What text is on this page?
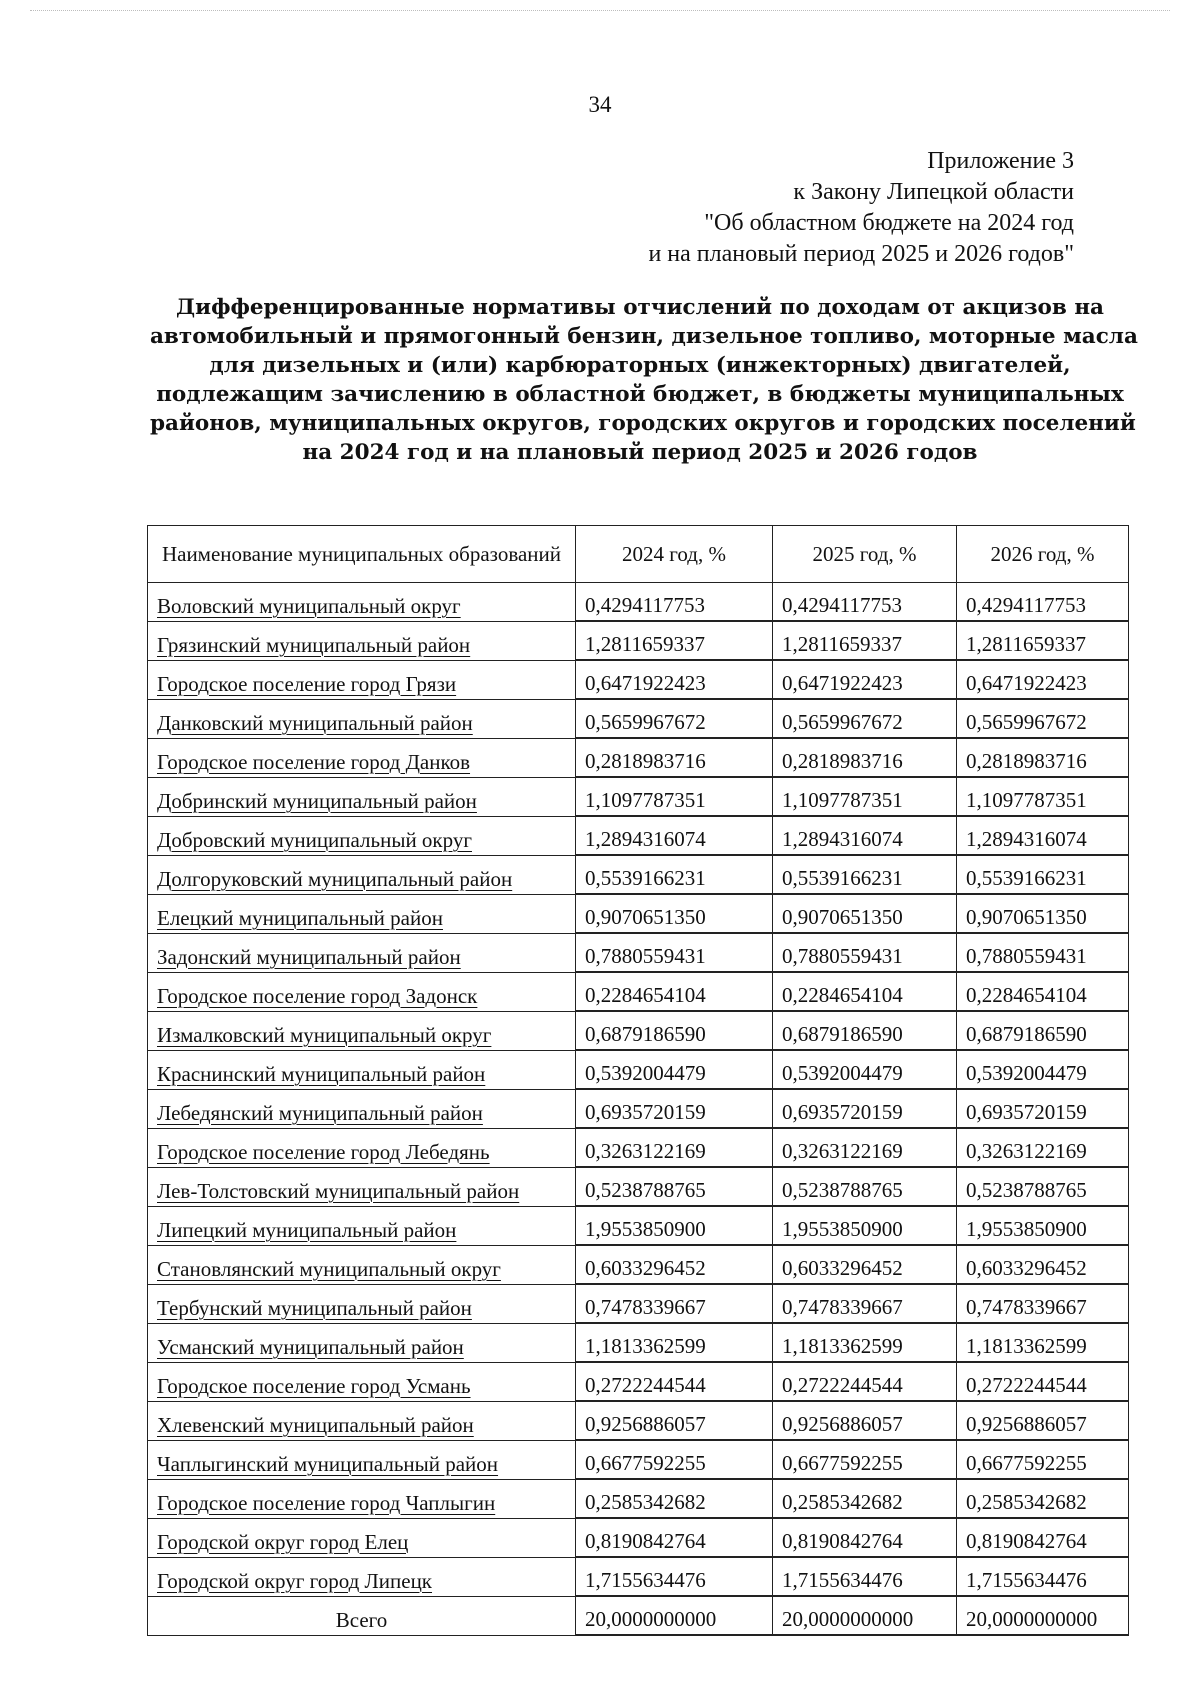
34
Приложение 3
к Закону Липецкой области
"Об областном бюджете на 2024 год
и на плановый период 2025 и 2026 годов"
Дифференцированные нормативы отчислений по доходам от акцизов на
автомобильный и прямогонный бензин, дизельное топливо, моторные масла
для дизельных и (или) карбюраторных (инжекторных) двигателей,
подлежащим зачислению в областной бюджет, в бюджеты муниципальных
районов, муниципальных округов, городских округов и городских поселений
на 2024 год и на плановый период 2025 и 2026 годов
Наименование муниципальных образований	2024 год, %	2025 год, %	2026 год, %
Воловский муниципальный округ	0,4294117753	0,4294117753	0,4294117753
Грязинский муниципальный район	1,2811659337	1,2811659337	1,2811659337
Городское поселение город Грязи	0,6471922423	0,6471922423	0,6471922423
Данковский муниципальный район	0,5659967672	0,5659967672	0,5659967672
Городское поселение город Данков	0,2818983716	0,2818983716	0,2818983716
Добринский муниципальный район	1,1097787351	1,1097787351	1,1097787351
Добровский муниципальный округ	1,2894316074	1,2894316074	1,2894316074
Долгоруковский муниципальный район	0,5539166231	0,5539166231	0,5539166231
Елецкий муниципальный район	0,9070651350	0,9070651350	0,9070651350
Задонский муниципальный район	0,7880559431	0,7880559431	0,7880559431
Городское поселение город Задонск	0,2284654104	0,2284654104	0,2284654104
Измалковский муниципальный округ	0,6879186590	0,6879186590	0,6879186590
Краснинский муниципальный район	0,5392004479	0,5392004479	0,5392004479
Лебедянский муниципальный район	0,6935720159	0,6935720159	0,6935720159
Городское поселение город Лебедянь	0,3263122169	0,3263122169	0,3263122169
Лев-Толстовский муниципальный район	0,5238788765	0,5238788765	0,5238788765
Липецкий муниципальный район	1,9553850900	1,9553850900	1,9553850900
Становлянский муниципальный округ	0,6033296452	0,6033296452	0,6033296452
Тербунский муниципальный район	0,7478339667	0,7478339667	0,7478339667
Усманский муниципальный район	1,1813362599	1,1813362599	1,1813362599
Городское поселение город Усмань	0,2722244544	0,2722244544	0,2722244544
Хлевенский муниципальный район	0,9256886057	0,9256886057	0,9256886057
Чаплыгинский муниципальный район	0,6677592255	0,6677592255	0,6677592255
Городское поселение город Чаплыгин	0,2585342682	0,2585342682	0,2585342682
Городской округ город Елец	0,8190842764	0,8190842764	0,8190842764
Городской округ город Липецк	1,7155634476	1,7155634476	1,7155634476
Всего	20,0000000000	20,0000000000	20,0000000000
